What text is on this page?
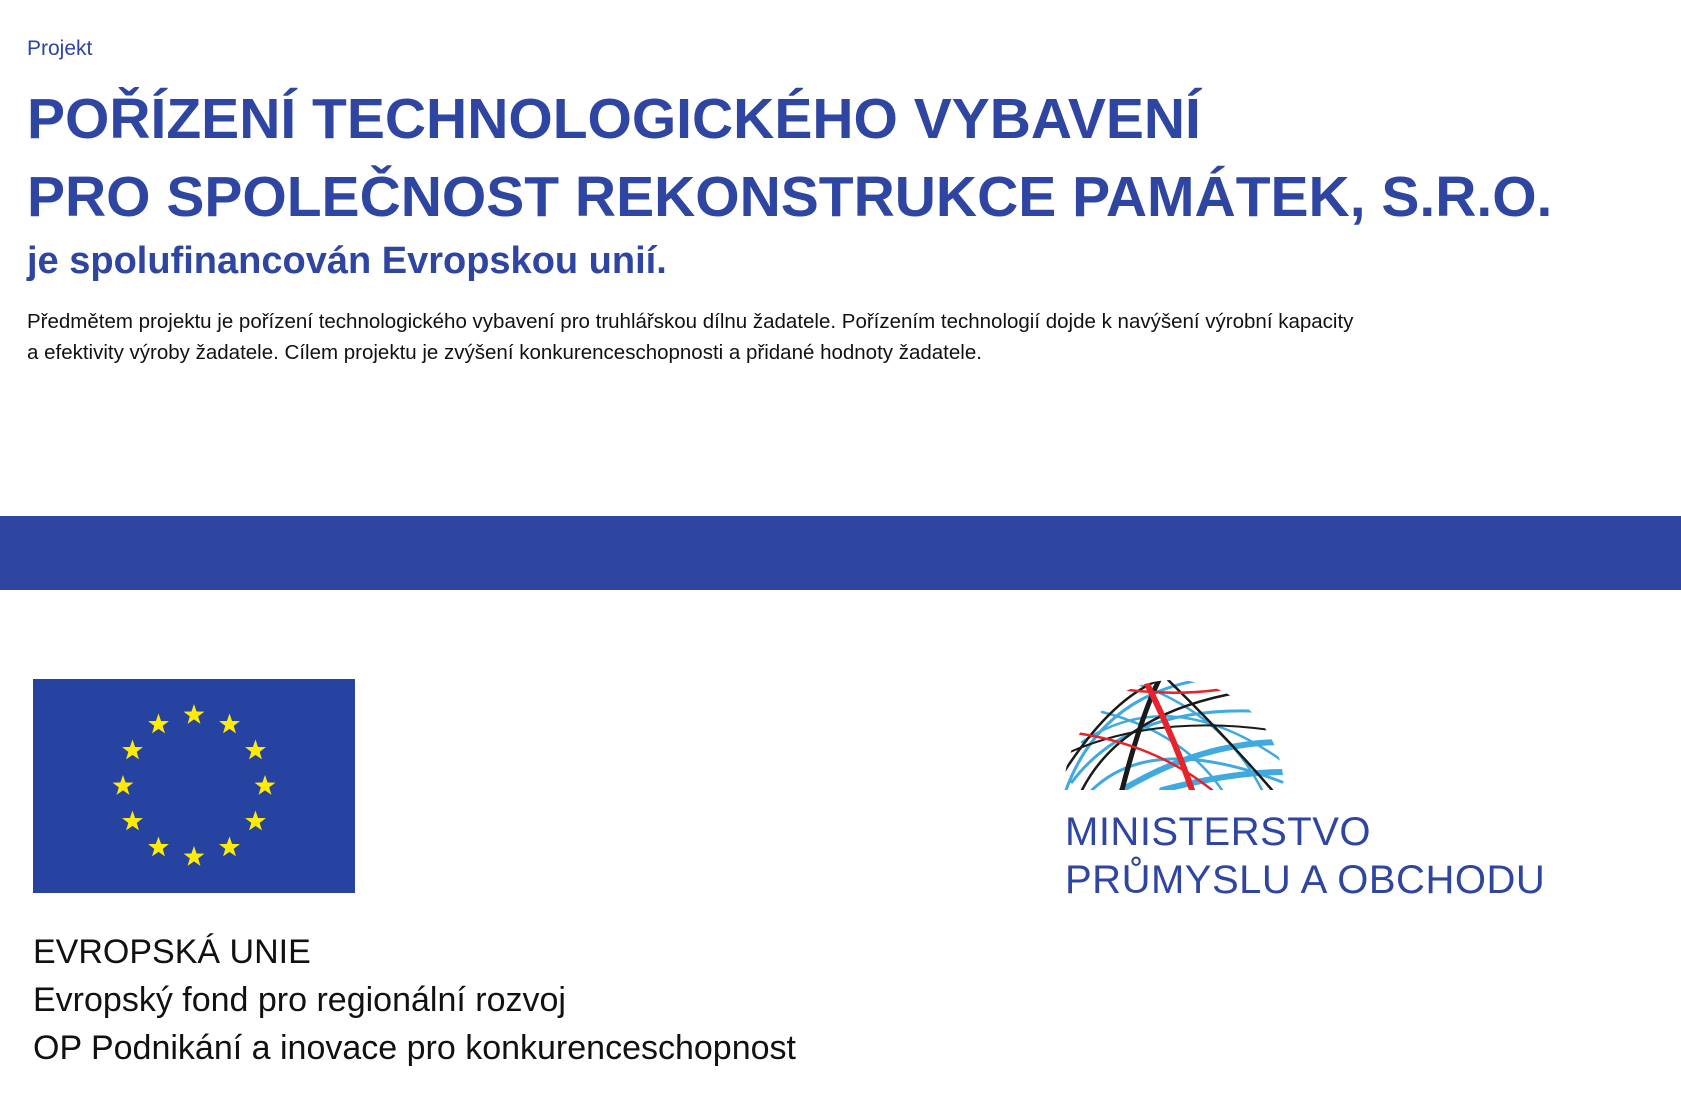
Projekt
POŘÍZENÍ TECHNOLOGICKÉHO VYBAVENÍ
PRO SPOLEČNOST REKONSTRUKCE PAMÁTEK, S.R.O.
je spolufinancován Evropskou unií.

Předmětem projektu je pořízení technologického vybavení pro truhlářskou dílnu žadatele. Pořízením technologií dojde k navýšení výrobní kapacity

a efektivity výroby žadatele. Cílem projektu je zvýšení konkurenceschopnosti a přidané hodnoty žadatele.

EVROPSKÁ UNIE
Evropský fond pro regionální rozvoj
OP Podnikání a inovace pro konkurenceschopnost
MINISTERSTVO
PRŮMYSLU A OBCHODU
